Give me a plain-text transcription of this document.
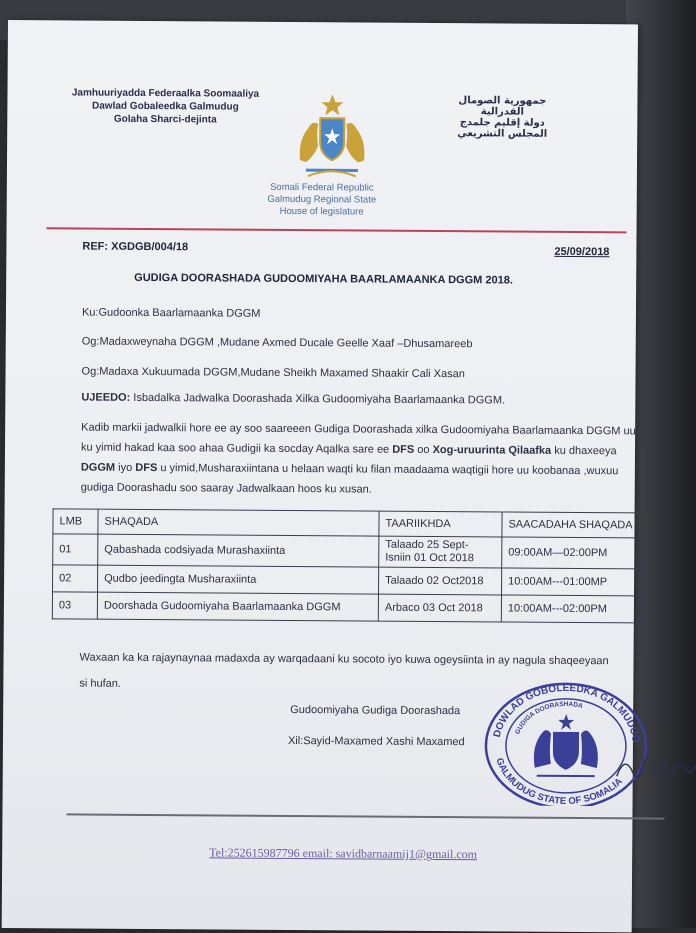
Jamhuuriyadda Federaalka Soomaaliya
Dawlad Gobaleedka Galmudug
Golaha Sharci-dejinta
جمهورية الصومال الفدرالية
دولة إقليم جلمدج
المجلس التشريعي
Somali Federal Republic
Galmudug Regional State
House of legislature
REF: XGDGB/004/18	25/09/2018
GUDIGA DOORASHADA GUDOOMIYAHA BAARLAMAANKA DGGM 2018.
Ku:Gudoonka Baarlamaanka DGGM
Og:Madaxweynaha DGGM ,Mudane Axmed Ducale Geelle Xaaf –Dhusamareeb
Og:Madaxa Xukuumada DGGM,Mudane Sheikh Maxamed Shaakir Cali Xasan
UJEEDO: Isbadalka Jadwalka Doorashada Xilka Gudoomiyaha Baarlamaanka DGGM.
Kadib markii jadwalkii hore ee ay soo saareeen Gudiga Doorashada xilka Gudoomiyaha Baarlamaanka DGGM uu ku yimid hakad kaa soo ahaa Gudigii ka socday Aqalka sare ee DFS oo Xog-uruurinta Qilaafka ku dhaxeeya DGGM iyo DFS u yimid,Musharaxiintana u helaan waqti ku filan maadaama waqtigii hore uu koobanaa ,wuxuu gudiga Doorashadu soo saaray Jadwalkaan hoos ku xusan.
LMB	SHAQADA	TAARIIKHDA	SAACADAHA SHAQADA
01	Qabashada codsiyada Murashaxiinta	Talaado 25 Sept-
Isniin 01 Oct 2018	09:00AM—02:00PM
02	Qudbo jeedingta Musharaxiinta	Talaado 02 Oct2018	10:00AM---01:00MP
03	Doorshada Gudoomiyaha Baarlamaanka DGGM	Arbaco 03 Oct 2018	10:00AM---02:00PM
Waxaan ka ka rajaynaynaa madaxda ay warqadaani ku socoto iyo kuwa ogeysiinta in ay nagula shaqeeyaan si hufan.
Gudoomiyaha Gudiga Doorashada
Xil:Sayid-Maxamed Xashi Maxamed
DOWLAD GOBOLEEDKA GALMUDUG
GUDIGA DOORASHADA
GALMUDUG STATE OF SOMALIA
Tel:252615987796 email: savidbarnaamij1@gmail.com
